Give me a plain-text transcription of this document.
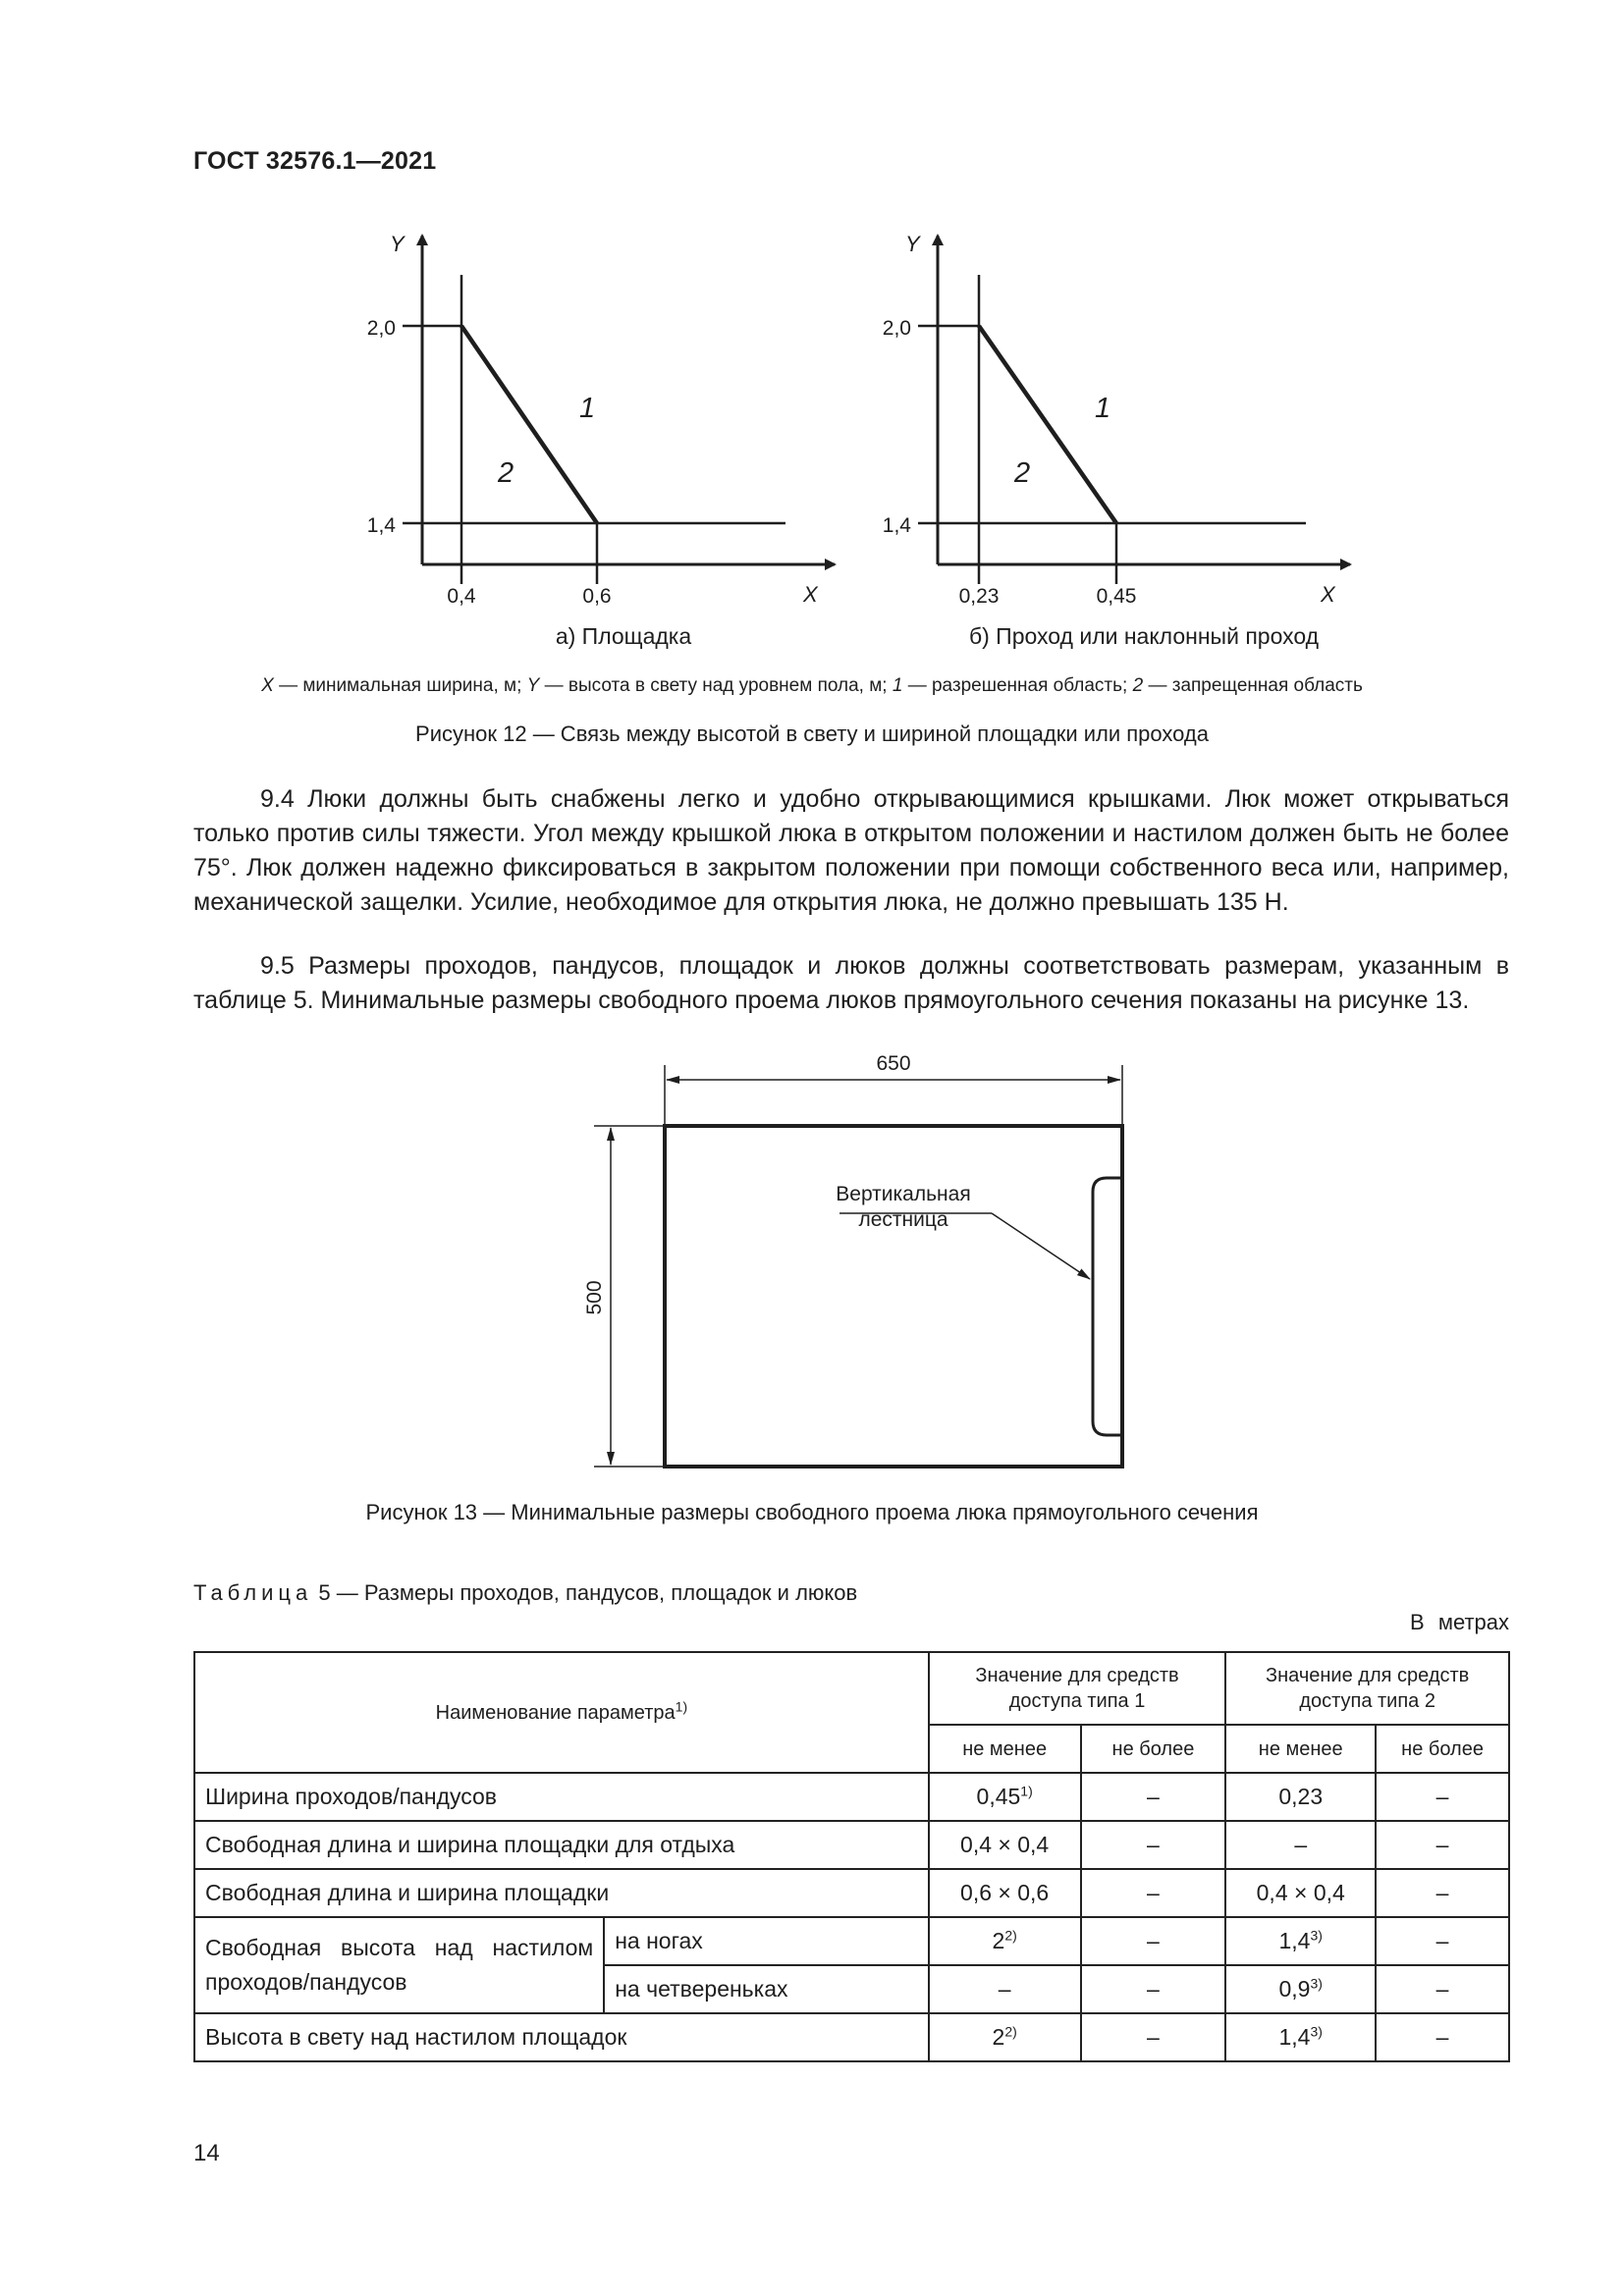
ГОСТ 32576.1—2021
Y
X
2,0
1,4
0,4	0,6
1
2
а) Площадка
Y
X
2,0
1,4
0,23	0,45
1
2
б) Проход или наклонный проход
X — минимальная ширина, м; Y — высота в свету над уровнем пола, м; 1 — разрешенная область; 2 — запрещенная область
Рисунок 12 — Связь между высотой в свету и шириной площадки или прохода
9.4 Люки должны быть снабжены легко и удобно открывающимися крышками. Люк может открываться только против силы тяжести. Угол между крышкой люка в открытом положении и настилом должен быть не более 75°. Люк должен надежно фиксироваться в закрытом положении при помощи собственного веса или, например, механической защелки. Усилие, необходимое для открытия люка, не должно превышать 135 Н.
9.5 Размеры проходов, пандусов, площадок и люков должны соответствовать размерам, указанным в таблице 5. Минимальные размеры свободного проема люков прямоугольного сечения показаны на рисунке 13.
650
500
Вертикальная
лестница
Рисунок 13 — Минимальные размеры свободного проема люка прямоугольного сечения
Таблица 5 — Размеры проходов, пандусов, площадок и люков
В метрах
Наименование параметра$^{1)}$		Значение для средств доступа типа 1		Значение для средств доступа типа 2	
		не менее	не более	не менее	не более
Ширина проходов/пандусов		0,45$^{1)}$	–	0,23	–
Свободная длина и ширина площадки для отдыха		0,4 × 0,4	–	–	–
Свободная длина и ширина площадки		0,6 × 0,6	–	0,4 × 0,4	–
Свободная высота над настилом проходов/пандусов	на ногах	2$^{2)}$	–	1,4$^{3)}$	–
	на четвереньках	–	–	0,9$^{3)}$	–
Высота в свету над настилом площадок		2$^{2)}$	–	1,4$^{3)}$	–
14
